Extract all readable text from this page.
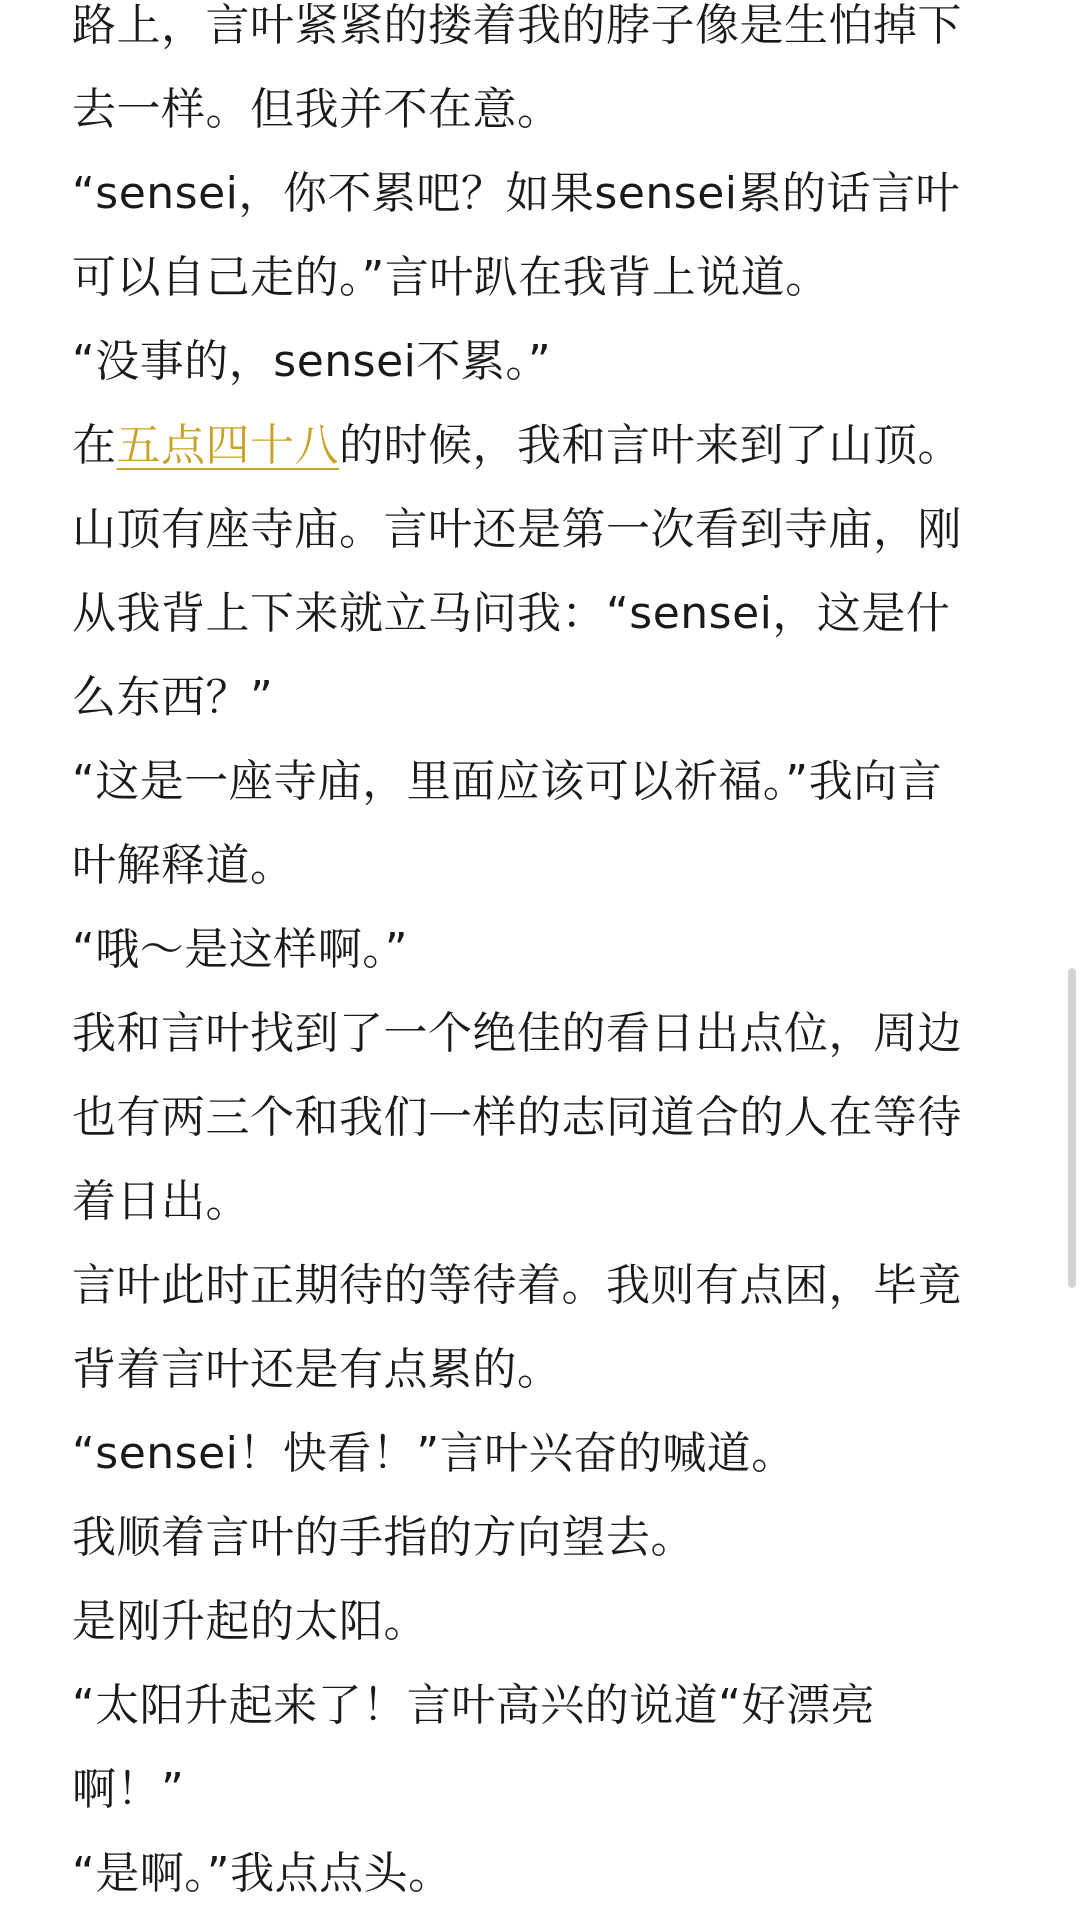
路上，言叶紧紧的搂着我的脖子像是生怕掉下
去一样。但我并不在意。
“sensei，你不累吧？如果sensei累的话言叶
可以自己走的。”言叶趴在我背上说道。
“没事的，sensei不累。”
在五点四十八的时候，我和言叶来到了山顶。
山顶有座寺庙。言叶还是第一次看到寺庙，刚
从我背上下来就立马问我：“sensei，这是什
么东西？”
“这是一座寺庙，里面应该可以祈福。”我向言
叶解释道。
“哦～是这样啊。”
我和言叶找到了一个绝佳的看日出点位，周边
也有两三个和我们一样的志同道合的人在等待
着日出。
言叶此时正期待的等待着。我则有点困，毕竟
背着言叶还是有点累的。
“sensei！快看！”言叶兴奋的喊道。
我顺着言叶的手指的方向望去。
是刚升起的太阳。
“太阳升起来了！言叶高兴的说道“好漂亮
啊！”
“是啊。”我点点头。
